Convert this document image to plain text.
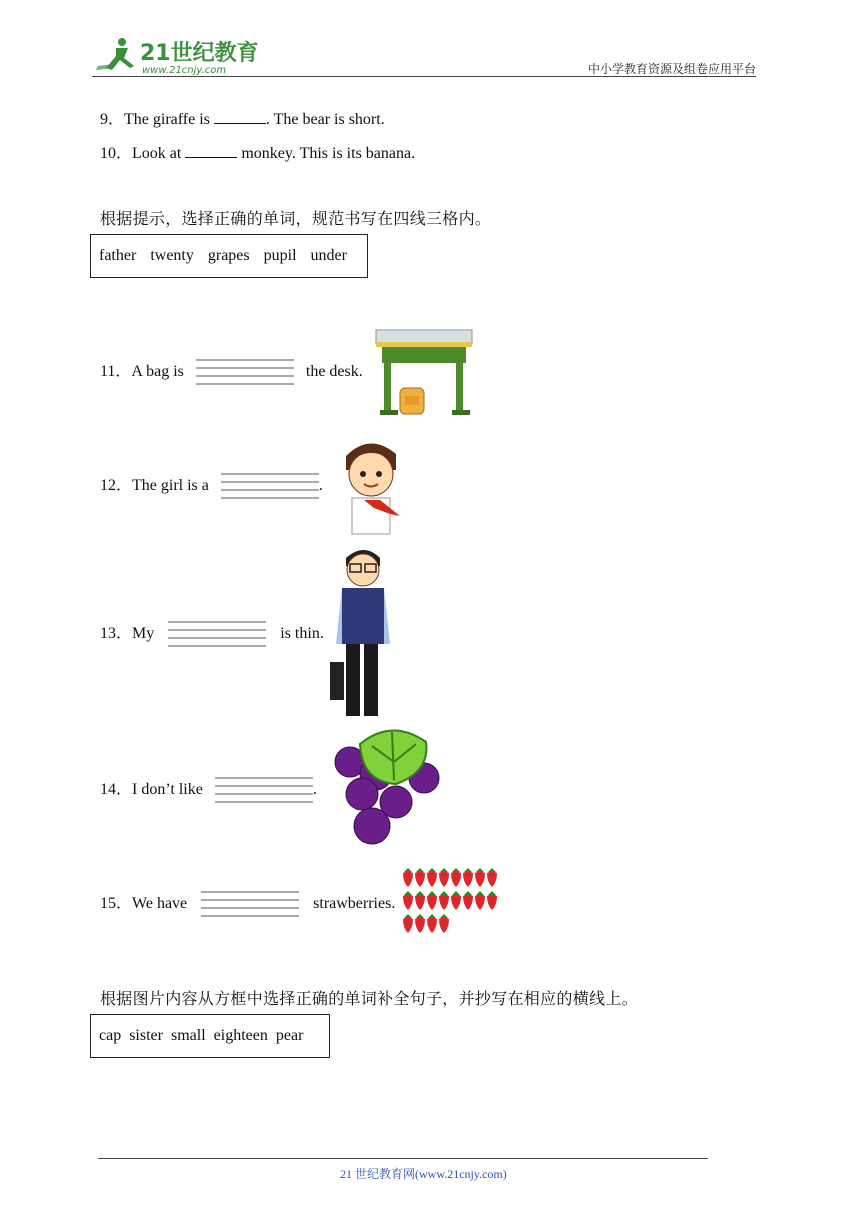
21世纪教育
www.21cnjy.com	中小学教育资源及组卷应用平台
9．The giraffe is	. The bear is short.
10．Look at	monkey. This is its banana.
根据提示，选择正确的单词，规范书写在四线三格内。
father twenty grapes pupil under
11．A bag is	the desk.
12．The girl is a	.
13．My	is thin.
14．I don’t like	.
15．We have	strawberries.
根据图片内容从方框中选择正确的单词补全句子，并抄写在相应的横线上。
cap sister small eighteen pear
21 世纪教育网(www.21cnjy.com)
